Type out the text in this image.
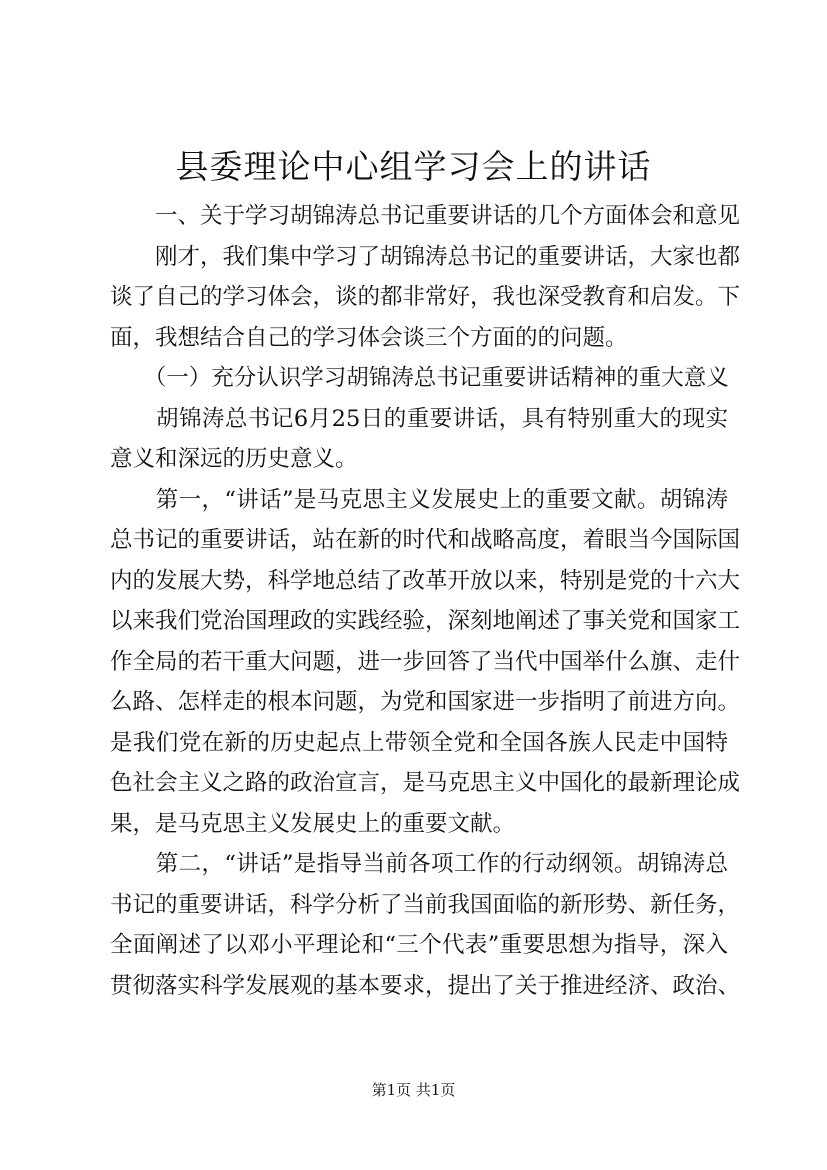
县委理论中心组学习会上的讲话
　　一、关于学习胡锦涛总书记重要讲话的几个方面体会和意见
　　刚才，我们集中学习了胡锦涛总书记的重要讲话，大家也都
谈了自己的学习体会，谈的都非常好，我也深受教育和启发。下
面，我想结合自己的学习体会谈三个方面的的问题。
　　（一）充分认识学习胡锦涛总书记重要讲话精神的重大意义
　　胡锦涛总书记6月25日的重要讲话，具有特别重大的现实
意义和深远的历史意义。
　　第一，“讲话”是马克思主义发展史上的重要文献。胡锦涛
总书记的重要讲话，站在新的时代和战略高度，着眼当今国际国
内的发展大势，科学地总结了改革开放以来，特别是党的十六大
以来我们党治国理政的实践经验，深刻地阐述了事关党和国家工
作全局的若干重大问题，进一步回答了当代中国举什么旗、走什
么路、怎样走的根本问题，为党和国家进一步指明了前进方向。
是我们党在新的历史起点上带领全党和全国各族人民走中国特
色社会主义之路的政治宣言，是马克思主义中国化的最新理论成
果，是马克思主义发展史上的重要文献。
　　第二，“讲话”是指导当前各项工作的行动纲领。胡锦涛总
书记的重要讲话，科学分析了当前我国面临的新形势、新任务，
全面阐述了以邓小平理论和“三个代表”重要思想为指导，深入
贯彻落实科学发展观的基本要求，提出了关于推进经济、政治、
第1页 共1页
